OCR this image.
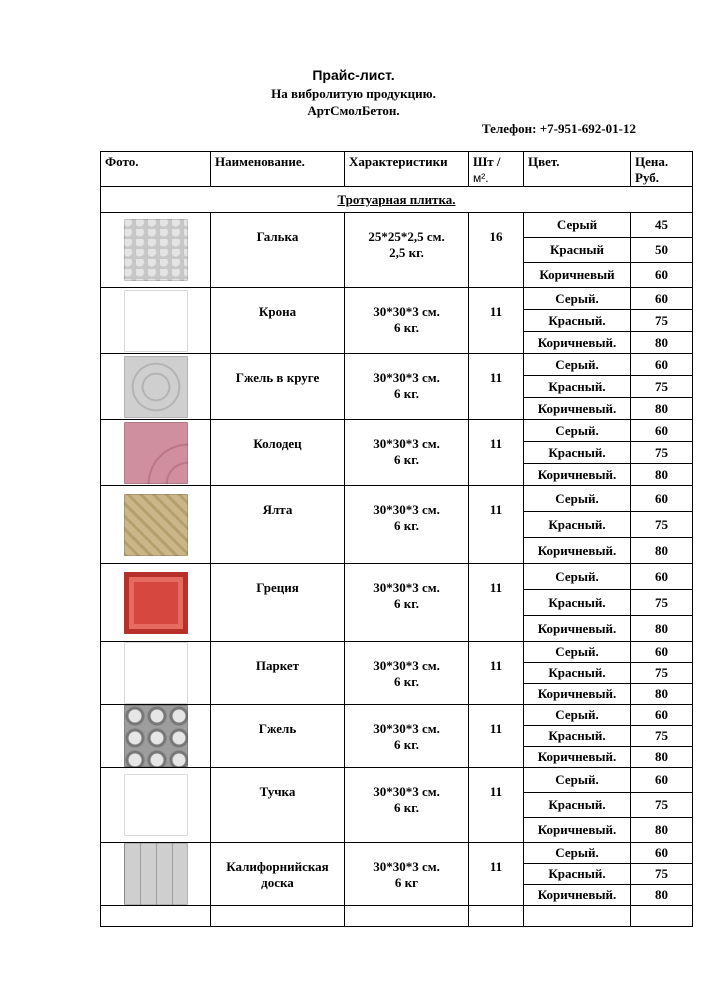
Прайс-лист.
На вибролитую продукцию.
АртСмолБетон.
Телефон: +7-951-692-01-12
Фото.	Наименование.	Характеристики	Шт / м².	Цвет.	Цена.
Руб.

Тротуарная плитка.					

	Галька	25*25*2,5 см.
2,5 кг.	16	Серый	45
				Красный	50
				Коричневый	60

	Крона	30*30*3 см.
6 кг.	11	Серый.	60
				Красный.	75
				Коричневый.	80

	Гжель в круге	30*30*3 см.
6 кг.	11	Серый.	60
				Красный.	75
				Коричневый.	80

	Колодец	30*30*3 см.
6 кг.	11	Серый.	60
				Красный.	75
				Коричневый.	80

	Ялта	30*30*3 см.
6 кг.	11	Серый.	60
				Красный.	75
				Коричневый.	80

	Греция	30*30*3 см.
6 кг.	11	Серый.	60
				Красный.	75
				Коричневый.	80

	Паркет	30*30*3 см.
6 кг.	11	Серый.	60
				Красный.	75
				Коричневый.	80

	Гжель	30*30*3 см.
6 кг.	11	Серый.	60
				Красный.	75
				Коричневый.	80

	Тучка	30*30*3 см.
6 кг.	11	Серый.	60
				Красный.	75
				Коричневый.	80

	Калифорнийская
доска	30*30*3 см.
6 кг	11	Серый.	60
				Красный.	75
				Коричневый.	80
